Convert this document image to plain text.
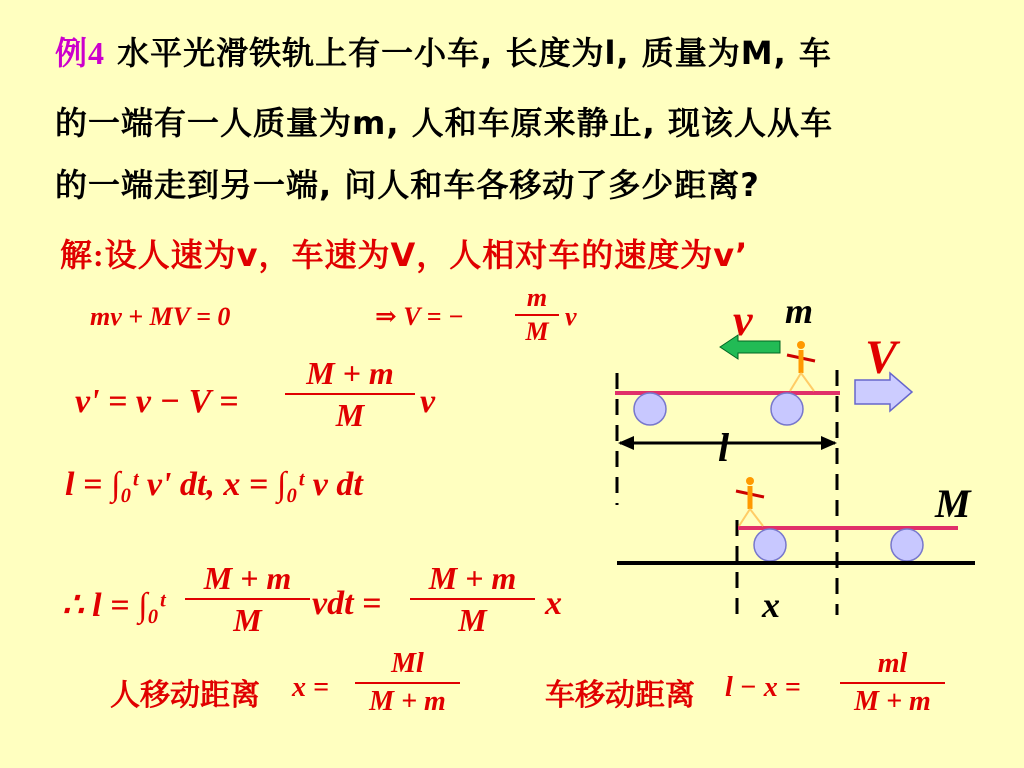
例4 水平光滑铁轨上有一小车, 长度为l, 质量为M, 车
的一端有一人质量为m, 人和车原来静止, 现该人从车
的一端走到另一端, 问人和车各移动了多少距离?
解:设人速为v，车速为V，人相对车的速度为v’
mv + MV = 0	⇒ V = −
m
M
v
v' = v − V =
M + m
M	v
l = ∫₀ᵗ v' dt, x = ∫₀ᵗ v dt
∴ l = ∫₀ᵗ
M + m
M	vdt =
M + m
M	x
人移动距离 x =
Ml
M + m	车移动距离 l − x =
ml
M + m
v m
V
l
M
x
